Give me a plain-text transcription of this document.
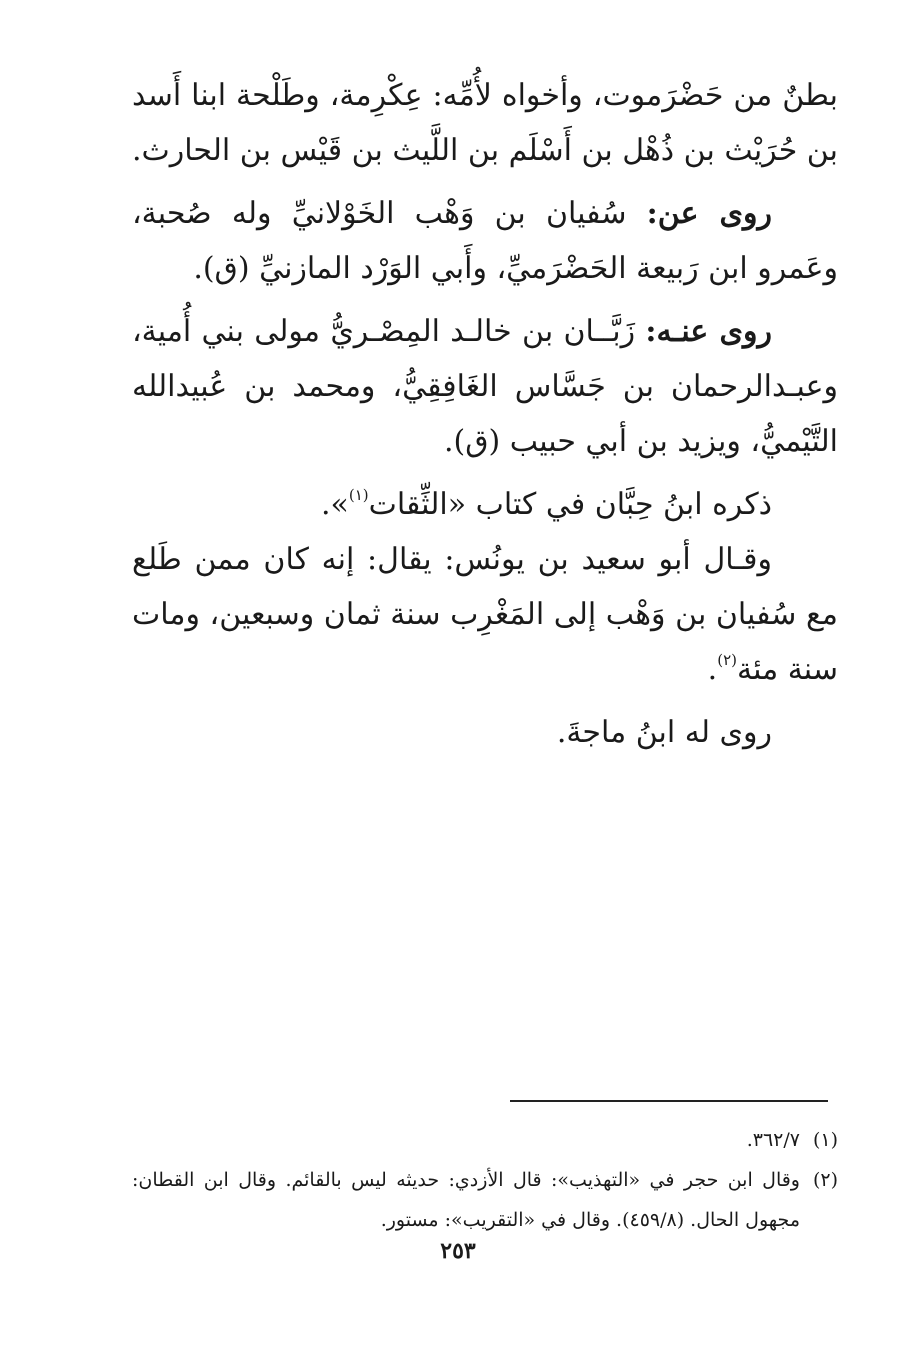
بطنٌ من حَضْرَموت، وأخواه لأُمِّه: عِكْرِمة، وطَلْحة ابنا أَسد بن حُرَيْث بن ذُهْل بن أَسْلَم بن اللَّيث بن قَيْس بن الحارث.

روى عن: سُفيان بن وَهْب الخَوْلانيِّ وله صُحبة، وعَمرو ابن رَبيعة الحَضْرَميِّ، وأَبي الوَرْد المازنيِّ (ق).

روى عنـه: زَبَّــان بن خالـد المِصْـريُّ مولى بني أُمية، وعبـدالرحمان بن جَسَّاس الغَافِقِيُّ، ومحمد بن عُبيدالله التَّيْميُّ، ويزيد بن أبي حبيب (ق).

ذكره ابنُ حِبَّان في كتاب «الثِّقات$^{(١)}$».

وقـال أبو سعيد بن يونُس: يقال: إنه كان ممن طَلع مع سُفيان بن وَهْب إلى المَغْرِب سنة ثمان وسبعين، ومات سنة مئة$^{(٢)}$.

روى له ابنُ ماجةَ.

(١)
٣٦٢/٧.
(٢)
وقال ابن حجر في «التهذيب»: قال الأزدي: حديثه ليس بالقائم. وقال ابن القطان: مجهول الحال. (٤٥٩/٨). وقال في «التقريب»: مستور.
٢٥٣
